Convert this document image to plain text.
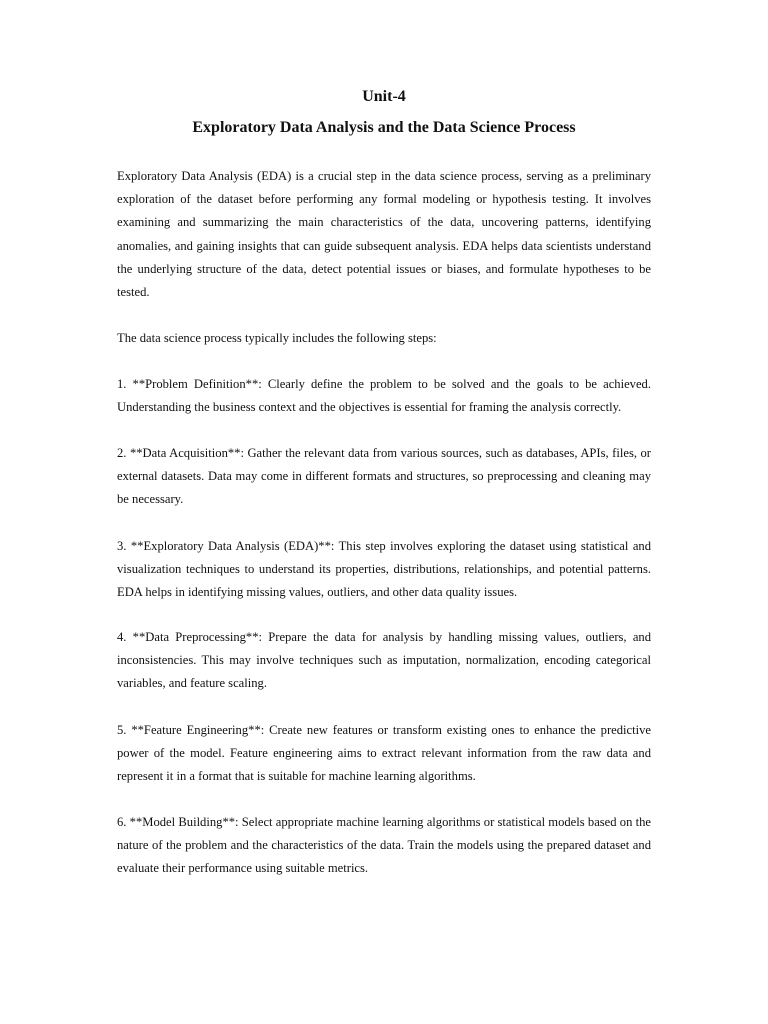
Unit-4
Exploratory Data Analysis and the Data Science Process

Exploratory Data Analysis (EDA) is a crucial step in the data science process, serving as a preliminary exploration of the dataset before performing any formal modeling or hypothesis testing. It involves examining and summarizing the main characteristics of the data, uncovering patterns, identifying anomalies, and gaining insights that can guide subsequent analysis. EDA helps data scientists understand the underlying structure of the data, detect potential issues or biases, and formulate hypotheses to be tested.

The data science process typically includes the following steps:

1. **Problem Definition**: Clearly define the problem to be solved and the goals to be achieved. Understanding the business context and the objectives is essential for framing the analysis correctly.

2. **Data Acquisition**: Gather the relevant data from various sources, such as databases, APIs, files, or external datasets. Data may come in different formats and structures, so preprocessing and cleaning may be necessary.

3. **Exploratory Data Analysis (EDA)**: This step involves exploring the dataset using statistical and visualization techniques to understand its properties, distributions, relationships, and potential patterns. EDA helps in identifying missing values, outliers, and other data quality issues.

4. **Data Preprocessing**: Prepare the data for analysis by handling missing values, outliers, and inconsistencies. This may involve techniques such as imputation, normalization, encoding categorical variables, and feature scaling.

5. **Feature Engineering**: Create new features or transform existing ones to enhance the predictive power of the model. Feature engineering aims to extract relevant information from the raw data and represent it in a format that is suitable for machine learning algorithms.

6. **Model Building**: Select appropriate machine learning algorithms or statistical models based on the nature of the problem and the characteristics of the data. Train the models using the prepared dataset and evaluate their performance using suitable metrics.
